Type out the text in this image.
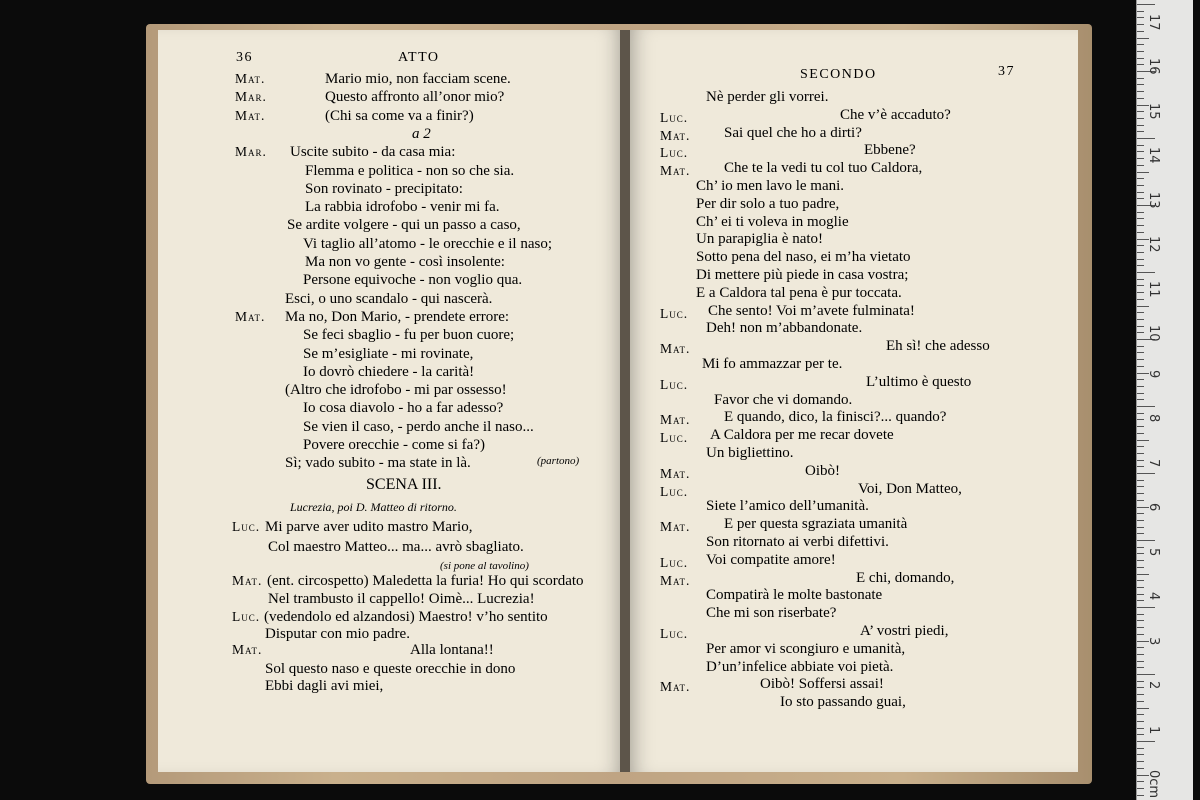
0cm
1
2
3
4
5
6
7
8
9
10
11
12
13
14
15
16
17
36	ATTO
Mat.	Mario mio, non facciam scene.
Mar.	Questo affronto all’onor mio?
Mat.	(Chi sa come va a finir?)
a 2
Mar. Uscite subito - da casa mia:
Flemma e politica - non so che sia.
Son rovinato - precipitato:
La rabbia idrofobo - venir mi fa.
Se ardite volgere - qui un passo a caso,
Vi taglio all’atomo - le orecchie e il naso;
Ma non vo gente - così insolente:
Persone equivoche - non voglio qua.
Esci, o uno scandalo - qui nascerà.
Mat. Ma no, Don Mario, - prendete errore:
Se feci sbaglio - fu per buon cuore;
Se m’esigliate - mi rovinate,
Io dovrò chiedere - la carità!
(Altro che idrofobo - mi par ossesso!
Io cosa diavolo - ho a far adesso?
Se vien il caso, - perdo anche il naso...
Povere orecchie - come si fa?)
Sì; vado subito - ma state in là.	(partono)
SCENA III.
Lucrezia, poi D. Matteo di ritorno.
Luc. Mi parve aver udito mastro Mario,
Col maestro Matteo... ma... avrò sbagliato.
(si pone al tavolino)
Mat. (ent. circospetto) Maledetta la furia! Ho qui scordato
Nel trambusto il cappello! Oimè... Lucrezia!
Luc. (vedendolo ed alzandosi) Maestro! v’ho sentito
Disputar con mio padre.
Mat.	Alla lontana!!
Sol questo naso e queste orecchie in dono
Ebbi dagli avi miei,
SECONDO	37
Nè perder gli vorrei.
Luc.	Che v’è accaduto?
Mat. Sai quel che ho a dirti?
Luc.	Ebbene?
Mat. Che te la vedi tu col tuo Caldora,
Ch’ io men lavo le mani.
Per dir solo a tuo padre,
Ch’ ei ti voleva in moglie
Un parapiglia è nato!
Sotto pena del naso, ei m’ha vietato
Di mettere più piede in casa vostra;
E a Caldora tal pena è pur toccata.
Luc. Che sento! Voi m’avete fulminata!
Deh! non m’abbandonate.
Mat.	Eh sì! che adesso
Mi fo ammazzar per te.
Luc.	L’ultimo è questo
Favor che vi domando.
Mat. E quando, dico, la finisci?... quando?
Luc. A Caldora per me recar dovete
Un bigliettino.
Mat.	Oibò!
Luc.	Voi, Don Matteo,
Siete l’amico dell’umanità.
Mat. E per questa sgraziata umanità
Son ritornato ai verbi difettivi.
Luc. Voi compatite amore!
Mat.	E chi, domando,
Compatirà le molte bastonate
Che mi son riserbate?
Luc.	A’ vostri piedi,
Per amor vi scongiuro e umanità,
D’un’infelice abbiate voi pietà.
Mat.	Oibò! Soffersi assai!
Io sto passando guai,
